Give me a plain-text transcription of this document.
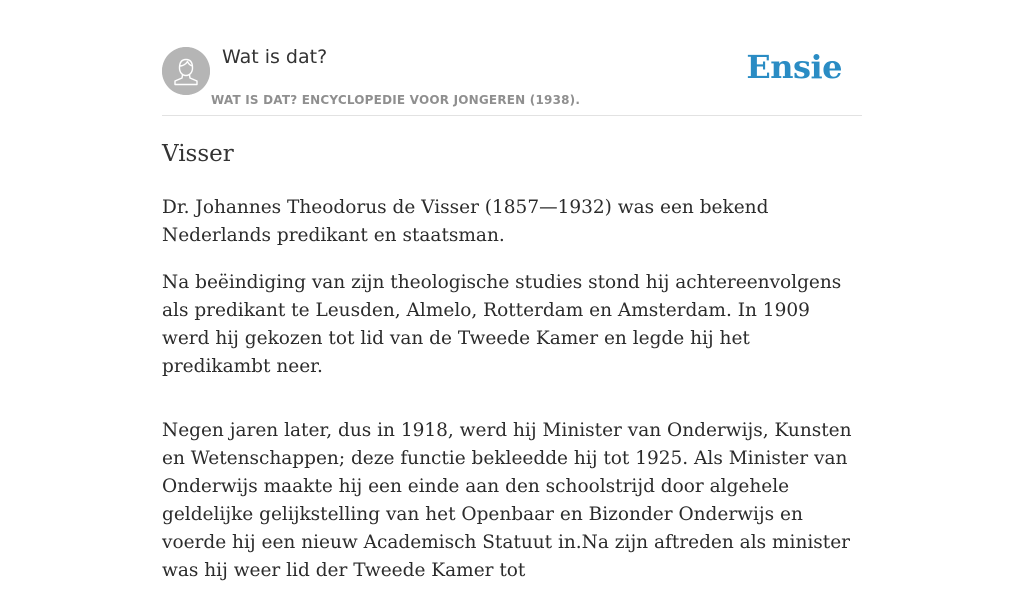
Wat is dat?
WAT IS DAT? ENCYCLOPEDIE VOOR JONGEREN (1938).
Ensie
Visser

Dr. Johannes Theodorus de Visser (1857—1932) was een bekend Nederlands predikant en staatsman.

Na beëindiging van zijn theologische studies stond hij achtereenvolgens als predikant te Leusden, Almelo, Rotterdam en Amsterdam. In 1909 werd hij gekozen tot lid van de Tweede Kamer en legde hij het predikambt neer.

Negen jaren later, dus in 1918, werd hij Minister van Onderwijs, Kunsten en Wetenschappen; deze functie bekleedde hij tot 1925. Als Minister van Onderwijs maakte hij een einde aan den schoolstrijd door algehele geldelijke gelijkstelling van het Openbaar en Bizonder Onderwijs en voerde hij een nieuw Academisch Statuut in.Na zijn aftreden als minister was hij weer lid der Tweede Kamer tot
